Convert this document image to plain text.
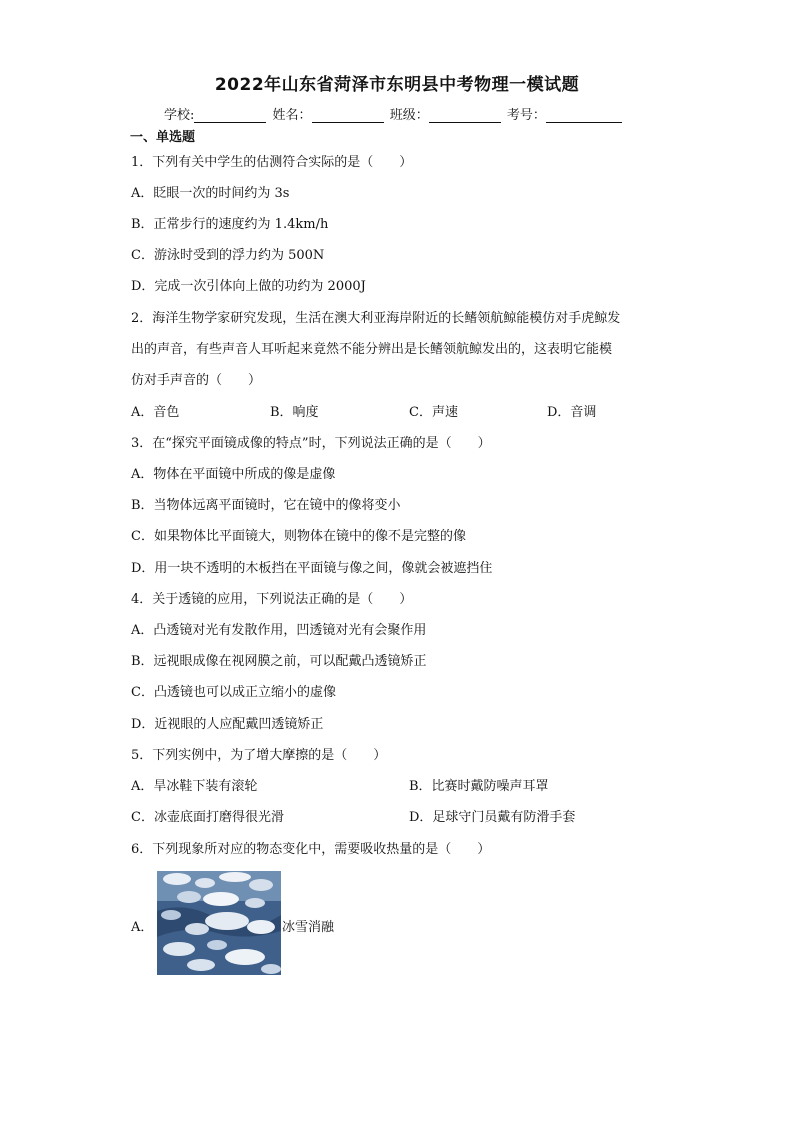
2022年山东省菏泽市东明县中考物理一模试题
学校:	姓名：	班级：	考号：
一、单选题
1．下列有关中学生的估测符合实际的是（　　）
A．眨眼一次的时间约为 3s
B．正常步行的速度约为 1.4km/h
C．游泳时受到的浮力约为 500N
D．完成一次引体向上做的功约为 2000J
2．海洋生物学家研究发现，生活在澳大利亚海岸附近的长鳍领航鲸能模仿对手虎鲸发
出的声音，有些声音人耳听起来竟然不能分辨出是长鳍领航鲸发出的，这表明它能模
仿对手声音的（　　）
A．音色	B．响度	C．声速	D．音调
3．在“探究平面镜成像的特点”时，下列说法正确的是（　　）
A．物体在平面镜中所成的像是虚像
B．当物体远离平面镜时，它在镜中的像将变小
C．如果物体比平面镜大，则物体在镜中的像不是完整的像
D．用一块不透明的木板挡在平面镜与像之间，像就会被遮挡住
4．关于透镜的应用，下列说法正确的是（　　）
A．凸透镜对光有发散作用，凹透镜对光有会聚作用
B．远视眼成像在视网膜之前，可以配戴凸透镜矫正
C．凸透镜也可以成正立缩小的虚像
D．近视眼的人应配戴凹透镜矫正
5．下列实例中，为了增大摩擦的是（　　）
A．旱冰鞋下装有滚轮	B．比赛时戴防噪声耳罩
C．冰壶底面打磨得很光滑	D．足球守门员戴有防滑手套
6．下列现象所对应的物态变化中，需要吸收热量的是（　　）
A．	冰雪消融
